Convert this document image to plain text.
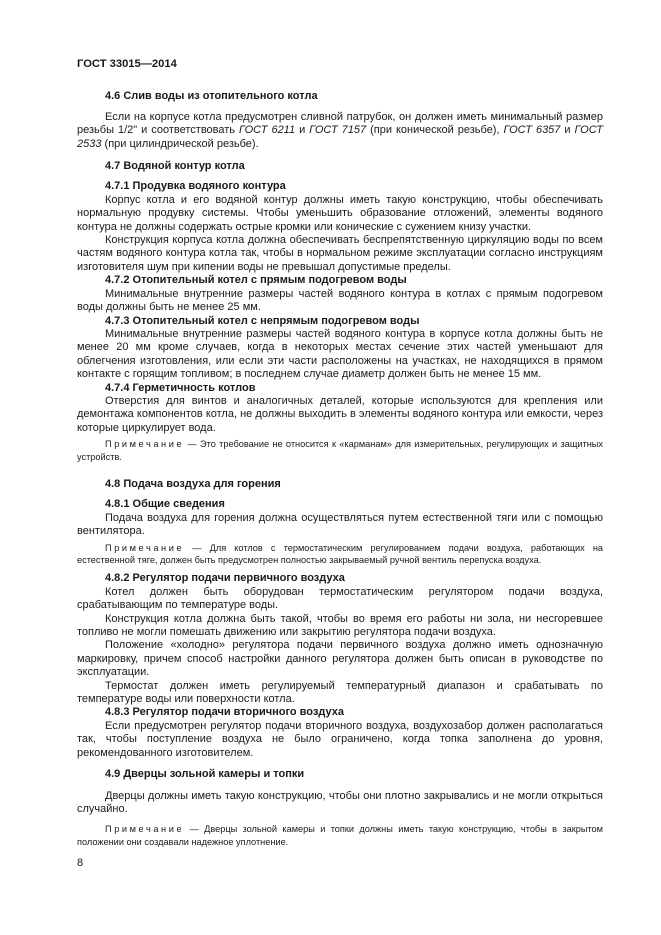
ГОСТ 33015—2014
4.6 Слив воды из отопительного котла
Если на корпусе котла предусмотрен сливной патрубок, он должен иметь минимальный размер резьбы 1/2" и соответствовать ГОСТ 6211 и ГОСТ 7157 (при конической резьбе), ГОСТ 6357 и ГОСТ 2533 (при цилиндрической резьбе).
4.7 Водяной контур котла
4.7.1 Продувка водяного контура
Корпус котла и его водяной контур должны иметь такую конструкцию, чтобы обеспечивать нормальную продувку системы. Чтобы уменьшить образование отложений, элементы водяного контура не должны содержать острые кромки или конические с сужением книзу участки.
Конструкция корпуса котла должна обеспечивать беспрепятственную циркуляцию воды по всем частям водяного контура котла так, чтобы в нормальном режиме эксплуатации согласно инструкциям изготовителя шум при кипении воды не превышал допустимые пределы.
4.7.2 Отопительный котел с прямым подогревом воды
Минимальные внутренние размеры частей водяного контура в котлах с прямым подогревом воды должны быть не менее 25 мм.
4.7.3 Отопительный котел с непрямым подогревом воды
Минимальные внутренние размеры частей водяного контура в корпусе котла должны быть не менее 20 мм кроме случаев, когда в некоторых местах сечение этих частей уменьшают для облегчения изготовления, или если эти части расположены на участках, не находящихся в прямом контакте с горящим топливом; в последнем случае диаметр должен быть не менее 15 мм.
4.7.4 Герметичность котлов
Отверстия для винтов и аналогичных деталей, которые используются для крепления или демонтажа компонентов котла, не должны выходить в элементы водяного контура или емкости, через которые циркулирует вода.
Примечание — Это требование не относится к «карманам» для измерительных, регулирующих и защитных устройств.
4.8 Подача воздуха для горения
4.8.1 Общие сведения
Подача воздуха для горения должна осуществляться путем естественной тяги или с помощью вентилятора.
Примечание — Для котлов с термостатическим регулированием подачи воздуха, работающих на естественной тяге, должен быть предусмотрен полностью закрываемый ручной вентиль перепуска воздуха.
4.8.2 Регулятор подачи первичного воздуха
Котел должен быть оборудован термостатическим регулятором подачи воздуха, срабатывающим по температуре воды.
Конструкция котла должна быть такой, чтобы во время его работы ни зола, ни несгоревшее топливо не могли помешать движению или закрытию регулятора подачи воздуха.
Положение «холодно» регулятора подачи первичного воздуха должно иметь однозначную маркировку, причем способ настройки данного регулятора должен быть описан в руководстве по эксплуатации.
Термостат должен иметь регулируемый температурный диапазон и срабатывать по температуре воды или поверхности котла.
4.8.3 Регулятор подачи вторичного воздуха
Если предусмотрен регулятор подачи вторичного воздуха, воздухозабор должен располагаться так, чтобы поступление воздуха не было ограничено, когда топка заполнена до уровня, рекомендованного изготовителем.
4.9 Дверцы зольной камеры и топки
Дверцы должны иметь такую конструкцию, чтобы они плотно закрывались и не могли открыться случайно.
Примечание — Дверцы зольной камеры и топки должны иметь такую конструкцию, чтобы в закрытом положении они создавали надежное уплотнение.
8
